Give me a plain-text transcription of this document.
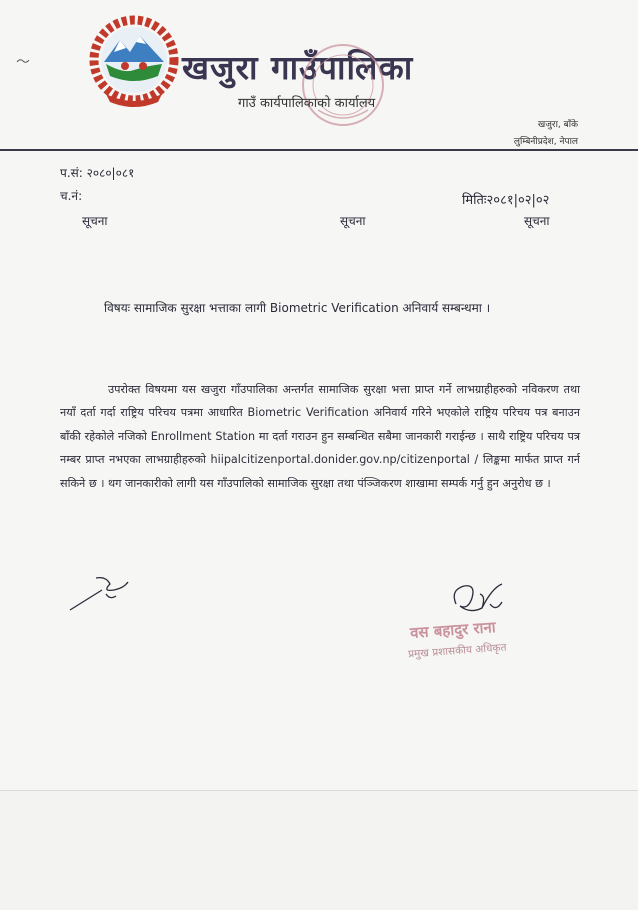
खजुरा गाउँपालिका
गाउँ कार्यपालिकाको कार्यालय
खजुरा, बाँके
लुम्बिनीप्रदेश, नेपाल
प.सं: २०८०|०८१
च.नं:	मितिः२०८१|०२|०२
सूचना	सूचना	सूचना
विषयः सामाजिक सुरक्षा भत्ताका लागी Biometric Verification अनिवार्य सम्बन्धमा ।
उपरोक्त विषयमा यस खजुरा गाँउपालिका अन्तर्गत सामाजिक सुरक्षा भत्ता प्राप्त गर्ने लाभग्राहीहरुको नविकरण तथा नयाँ दर्ता गर्दा राष्ट्रिय परिचय पत्रमा आधारित Biometric Verification अनिवार्य गरिने भएकोले राष्ट्रिय परिचय पत्र बनाउन बाँकी रहेकोले नजिको Enrollment Station मा दर्ता गराउन हुन सम्बन्धित सबैमा जानकारी गराईन्छ । साथै राष्ट्रिय परिचय पत्र नम्बर प्राप्त नभएका लाभग्राहीहरुको hiipalcitizenportal.donider.gov.np/citizenportal / लिङ्कमा मार्फत प्राप्त गर्न सकिने छ । थग जानकारीको लागी यस गाँउपालिको सामाजिक सुरक्षा तथा पंञ्जिकरण शाखामा सम्पर्क गर्नु हुन अनुरोध छ ।
वस बहादुर राना
प्रमुख प्रशासकीय अधिकृत
